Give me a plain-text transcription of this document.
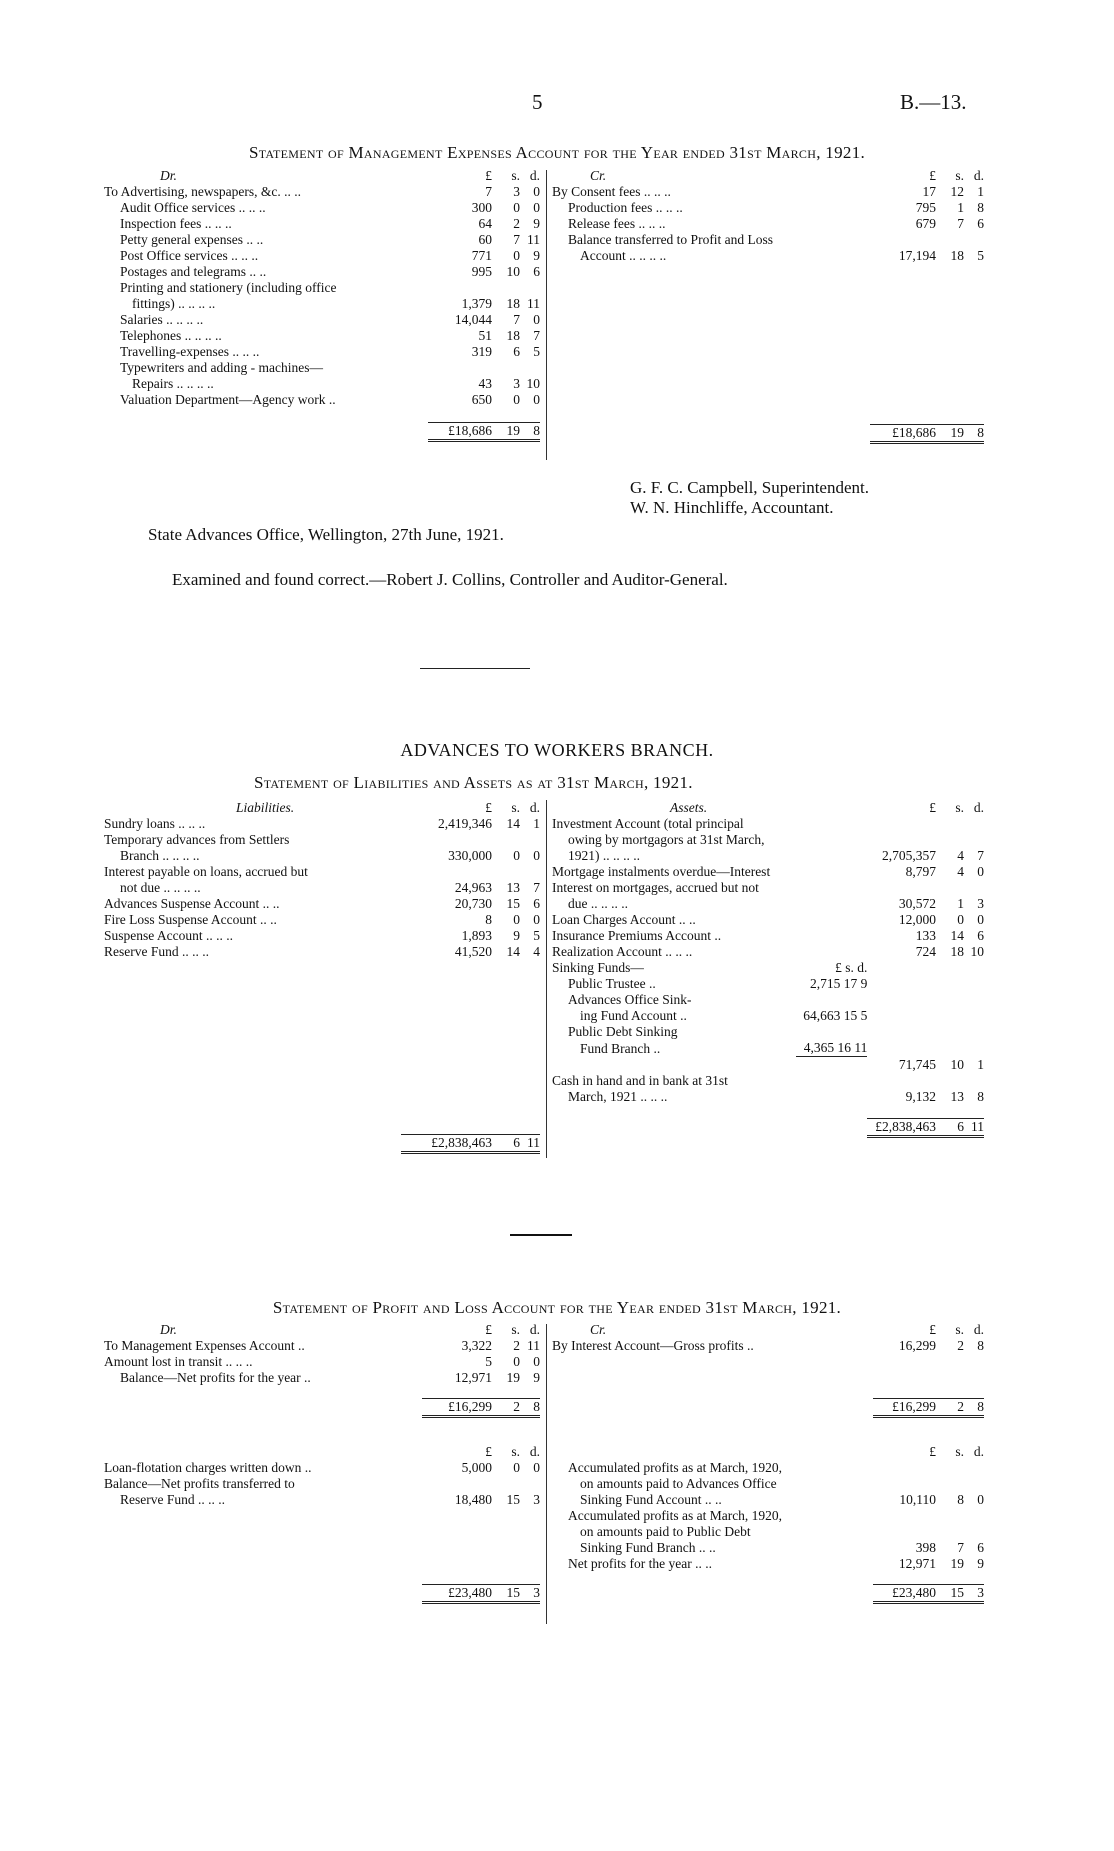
5	B.—13.
Statement of Management Expenses Account for the Year ended 31st March, 1921.
Dr.	Cr.
	£	s.	d.
To Advertising, newspapers, &c. .. ..	7	3	0
Audit Office services .. .. ..	300	0	0
Inspection fees .. .. ..	64	2	9
Petty general expenses .. ..	60	7	11
Post Office services .. .. ..	771	0	9
Postages and telegrams .. ..	995	10	6
Printing and stationery (including office			
fittings) .. .. .. ..	1,379	18	11
Salaries .. .. .. ..	14,044	7	0
Telephones .. .. .. ..	51	18	7
Travelling-expenses .. .. ..	319	6	5
Typewriters and adding - machines—			
Repairs .. .. .. ..	43	3	10
Valuation Department—Agency work ..	650	0	0

	£18,686	19	8
	£	s.	d.
By Consent fees .. .. ..	17	12	1
Production fees .. .. ..	795	1	8
Release fees .. .. ..	679	7	6
Balance transferred to Profit and Loss			
Account .. .. .. ..	17,194	18	5

	£18,686	19	8
G. F. C. Campbell, Superintendent.
W. N. Hinchliffe, Accountant.
State Advances Office, Wellington, 27th June, 1921.
Examined and found correct.—Robert J. Collins, Controller and Auditor-General.
ADVANCES TO WORKERS BRANCH.
Statement of Liabilities and Assets as at 31st March, 1921.
Liabilities.	Assets.
	£	s.	d.
Sundry loans .. .. ..	2,419,346	14	1
Temporary advances from Settlers			
Branch .. .. .. ..	330,000	0	0
Interest payable on loans, accrued but			
not due .. .. .. ..	24,963	13	7
Advances Suspense Account .. ..	20,730	15	6
Fire Loss Suspense Account .. ..	8	0	0
Suspense Account .. .. ..	1,893	9	5
Reserve Fund .. .. ..	41,520	14	4

	£2,838,463	6	11
		£	s.	d.
Investment Account (total principal				
owing by mortgagors at 31st March,				
1921) .. .. .. ..		2,705,357	4	7
Mortgage instalments overdue—Interest		8,797	4	0
Interest on mortgages, accrued but not				
due .. .. .. ..		30,572	1	3
Loan Charges Account .. ..		12,000	0	0
Insurance Premiums Account ..		133	14	6
Realization Account .. .. ..		724	18	10
Sinking Funds—	£ s. d.			
Public Trustee ..	2,715 17 9			
Advances Office Sink-				
ing Fund Account ..	64,663 15 5			
Public Debt Sinking				
Fund Branch ..	4,365 16 11			
		71,745	10	1
Cash in hand and in bank at 31st				
March, 1921 .. .. ..		9,132	13	8

		£2,838,463	6	11
Statement of Profit and Loss Account for the Year ended 31st March, 1921.
Dr.	Cr.
	£	s.	d.
To Management Expenses Account ..	3,322	2	11
Amount lost in transit .. .. ..	5	0	0
Balance—Net profits for the year ..	12,971	19	9

	£16,299	2	8

	£	s.	d.
Loan-flotation charges written down ..	5,000	0	0
Balance—Net profits transferred to			
Reserve Fund .. .. ..	18,480	15	3

	£23,480	15	3
	£	s.	d.
By Interest Account—Gross profits ..	16,299	2	8

	£16,299	2	8

	£	s.	d.
Accumulated profits as at March, 1920,			
on amounts paid to Advances Office			
Sinking Fund Account .. ..	10,110	8	0
Accumulated profits as at March, 1920,			
on amounts paid to Public Debt			
Sinking Fund Branch .. ..	398	7	6
Net profits for the year .. ..	12,971	19	9

	£23,480	15	3
